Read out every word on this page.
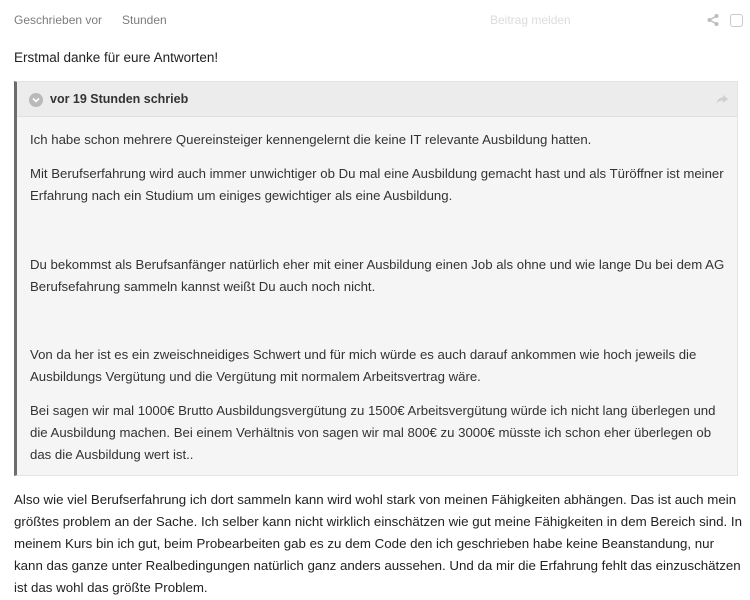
Geschrieben vor Stunden	Beitrag melden
Erstmal danke für eure Antworten!
vor 19 Stunden schrieb

Ich habe schon mehrere Quereinsteiger kennengelernt die keine IT relevante Ausbildung hatten.

Mit Berufserfahrung wird auch immer unwichtiger ob Du mal eine Ausbildung gemacht hast und als Türöffner ist meiner Erfahrung nach ein Studium um einiges gewichtiger als eine Ausbildung.

Du bekommst als Berufsanfänger natürlich eher mit einer Ausbildung einen Job als ohne und wie lange Du bei dem AG Berufsefahrung sammeln kannst weißt Du auch noch nicht.

Von da her ist es ein zweischneidiges Schwert und für mich würde es auch darauf ankommen wie hoch jeweils die Ausbildungs Vergütung und die Vergütung mit normalem Arbeitsvertrag wäre.

Bei sagen wir mal 1000€ Brutto Ausbildungsvergütung zu 1500€ Arbeitsvergütung würde ich nicht lang überlegen und die Ausbildung machen. Bei einem Verhältnis von sagen wir mal 800€ zu 3000€ müsste ich schon eher überlegen ob das die Ausbildung wert ist..

Also wie viel Berufserfahrung ich dort sammeln kann wird wohl stark von meinen Fähigkeiten abhängen. Das ist auch mein größtes problem an der Sache. Ich selber kann nicht wirklich einschätzen wie gut meine Fähigkeiten in dem Bereich sind. In meinem Kurs bin ich gut, beim Probearbeiten gab es zu dem Code den ich geschrieben habe keine Beanstandung, nur kann das ganze unter Realbedingungen natürlich ganz anders aussehen. Und da mir die Erfahrung fehlt das einzuschätzen ist das wohl das größte Problem.
